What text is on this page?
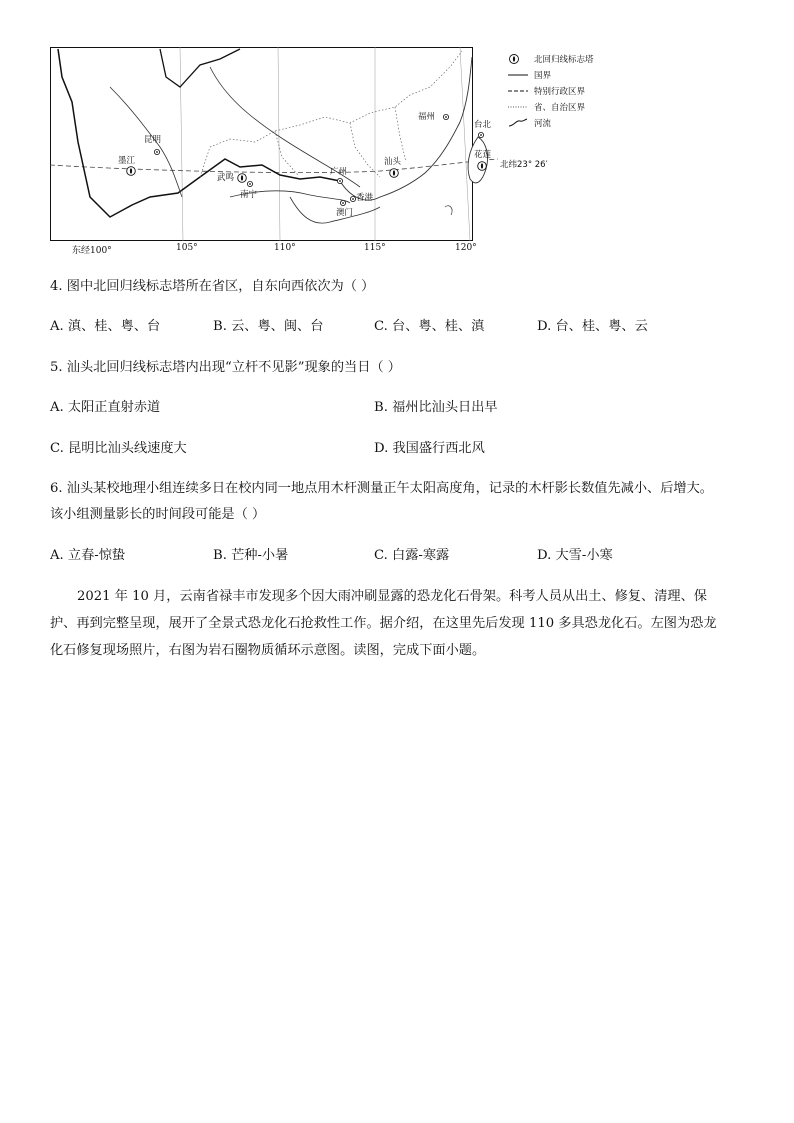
昆明
墨江
武鸣
南宁
广州
澳门
香港
汕头
福州
台北
花莲
北纬23° 26′
东经100°	105°	110°	115°	120°
北回归线标志塔
国界
特别行政区界
省、自治区界
河流
4. 图中北回归线标志塔所在省区，自东向西依次为（ ）
A. 滇、桂、粤、台	B. 云、粤、闽、台	C. 台、粤、桂、滇	D. 台、桂、粤、云
5. 汕头北回归线标志塔内出现“立杆不见影”现象的当日（ ）
A. 太阳正直射赤道	B. 福州比汕头日出早
C. 昆明比汕头线速度大	D. 我国盛行西北风
6. 汕头某校地理小组连续多日在校内同一地点用木杆测量正午太阳高度角，记录的木杆影长数值先减小、后增大。
该小组测量影长的时间段可能是（ ）
A. 立春-惊蛰	B. 芒种-小暑	C. 白露-寒露	D. 大雪-小寒
2021 年 10 月，云南省禄丰市发现多个因大雨冲刷显露的恐龙化石骨架。科考人员从出土、修复、清理、保
护、再到完整呈现，展开了全景式恐龙化石抢救性工作。据介绍，在这里先后发现 110 多具恐龙化石。左图为恐龙
化石修复现场照片，右图为岩石圈物质循环示意图。读图，完成下面小题。
